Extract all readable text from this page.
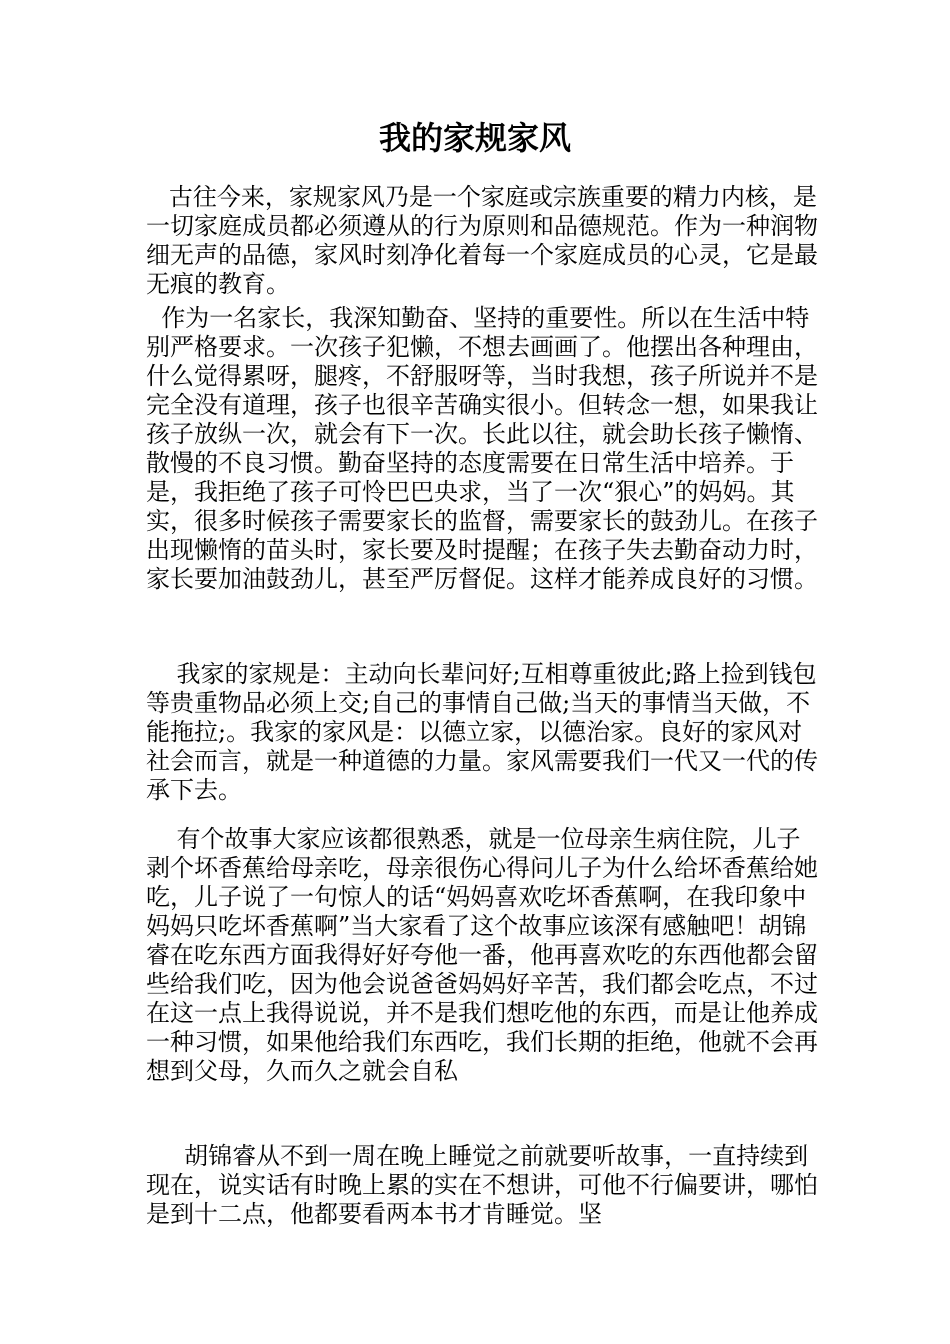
我的家规家风

古往今来，家规家风乃是一个家庭或宗族重要的精力内核，是一切家庭成员都必须遵从的行为原则和品德规范。作为一种润物细无声的品德，家风时刻净化着每一个家庭成员的心灵，它是最无痕的教育。

作为一名家长，我深知勤奋、坚持的重要性。所以在生活中特别严格要求。一次孩子犯懒，不想去画画了。他摆出各种理由，什么觉得累呀，腿疼，不舒服呀等，当时我想，孩子所说并不是完全没有道理，孩子也很辛苦确实很小。但转念一想，如果我让孩子放纵一次，就会有下一次。长此以往，就会助长孩子懒惰、散慢的不良习惯。勤奋坚持的态度需要在日常生活中培养。于是，我拒绝了孩子可怜巴巴央求，当了一次“狠心”的妈妈。其实，很多时候孩子需要家长的监督，需要家长的鼓劲儿。在孩子出现懒惰的苗头时，家长要及时提醒；在孩子失去勤奋动力时，家长要加油鼓劲儿，甚至严厉督促。这样才能养成良好的习惯。

我家的家规是：主动向长辈问好;互相尊重彼此;路上捡到钱包等贵重物品必须上交;自己的事情自己做;当天的事情当天做，不能拖拉;。我家的家风是：以德立家，以德治家。良好的家风对社会而言，就是一种道德的力量。家风需要我们一代又一代的传承下去。

有个故事大家应该都很熟悉，就是一位母亲生病住院，儿子剥个坏香蕉给母亲吃，母亲很伤心得问儿子为什么给坏香蕉给她吃，儿子说了一句惊人的话“妈妈喜欢吃坏香蕉啊，在我印象中妈妈只吃坏香蕉啊”当大家看了这个故事应该深有感触吧！胡锦睿在吃东西方面我得好好夸他一番，他再喜欢吃的东西他都会留些给我们吃，因为他会说爸爸妈妈好辛苦，我们都会吃点，不过在这一点上我得说说，并不是我们想吃他的东西，而是让他养成一种习惯，如果他给我们东西吃，我们长期的拒绝，他就不会再想到父母，久而久之就会自私

胡锦睿从不到一周在晚上睡觉之前就要听故事，一直持续到现在，说实话有时晚上累的实在不想讲，可他不行偏要讲，哪怕是到十二点，他都要看两本书才肯睡觉。坚
